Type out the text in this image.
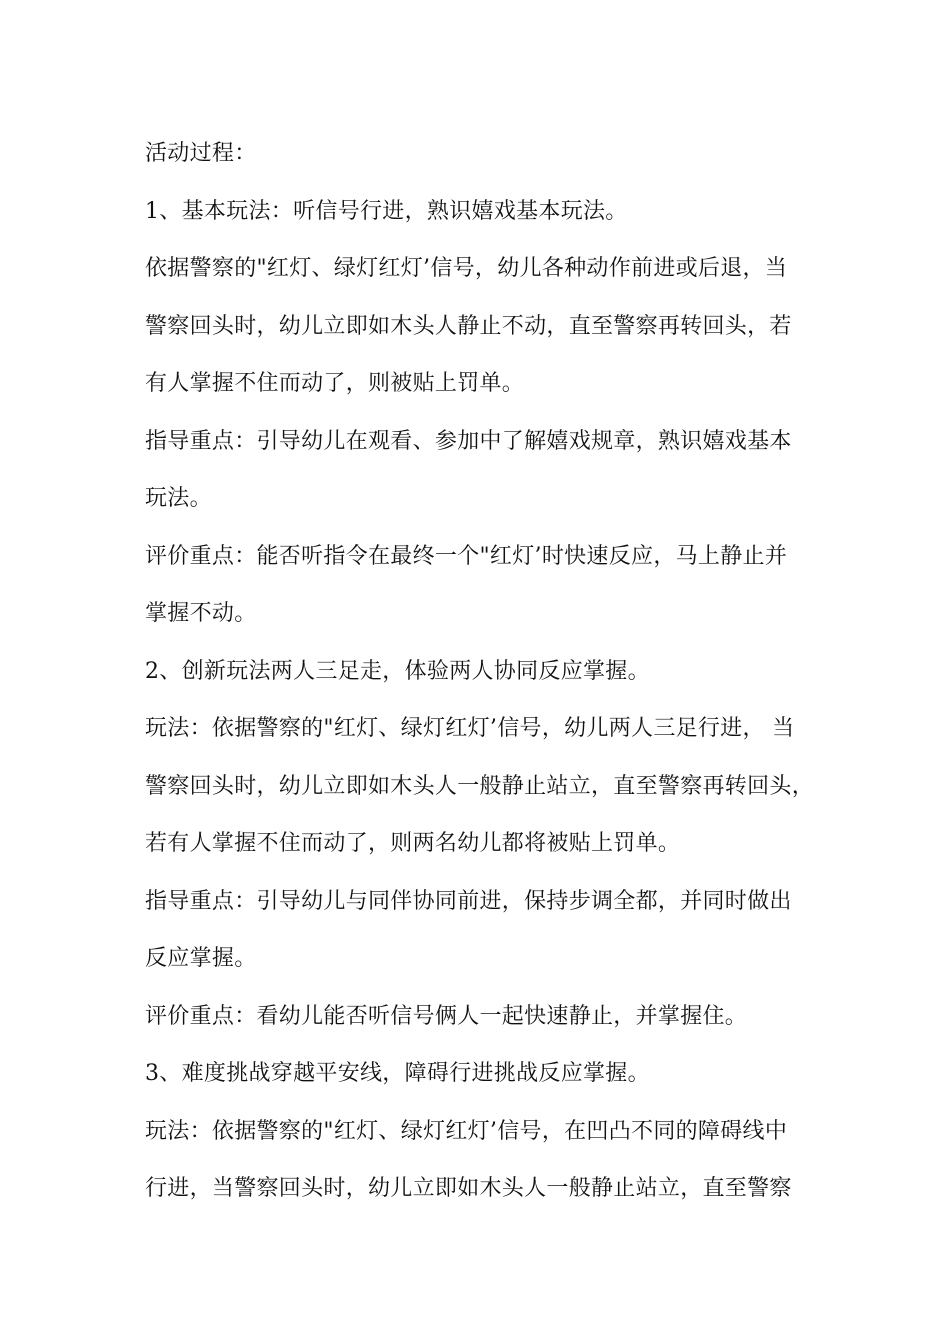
活动过程：
1、基本玩法：听信号行进，熟识嬉戏基本玩法。
依据警察的"红灯、绿灯红灯’信号，幼儿各种动作前进或后退，当
警察回头时，幼儿立即如木头人静止不动，直至警察再转回头，若
有人掌握不住而动了，则被贴上罚单。
指导重点：引导幼儿在观看、参加中了解嬉戏规章，熟识嬉戏基本
玩法。
评价重点：能否听指令在最终一个"红灯’时快速反应，马上静止并
掌握不动。
2、创新玩法两人三足走，体验两人协同反应掌握。
玩法：依据警察的"红灯、绿灯红灯’信号，幼儿两人三足行进， 当
警察回头时，幼儿立即如木头人一般静止站立，直至警察再转回头，
若有人掌握不住而动了，则两名幼儿都将被贴上罚单。
指导重点：引导幼儿与同伴协同前进，保持步调全都，并同时做出
反应掌握。
评价重点：看幼儿能否听信号俩人一起快速静止，并掌握住。
3、难度挑战穿越平安线，障碍行进挑战反应掌握。
玩法：依据警察的"红灯、绿灯红灯’信号，在凹凸不同的障碍线中
行进，当警察回头时，幼儿立即如木头人一般静止站立，直至警察
